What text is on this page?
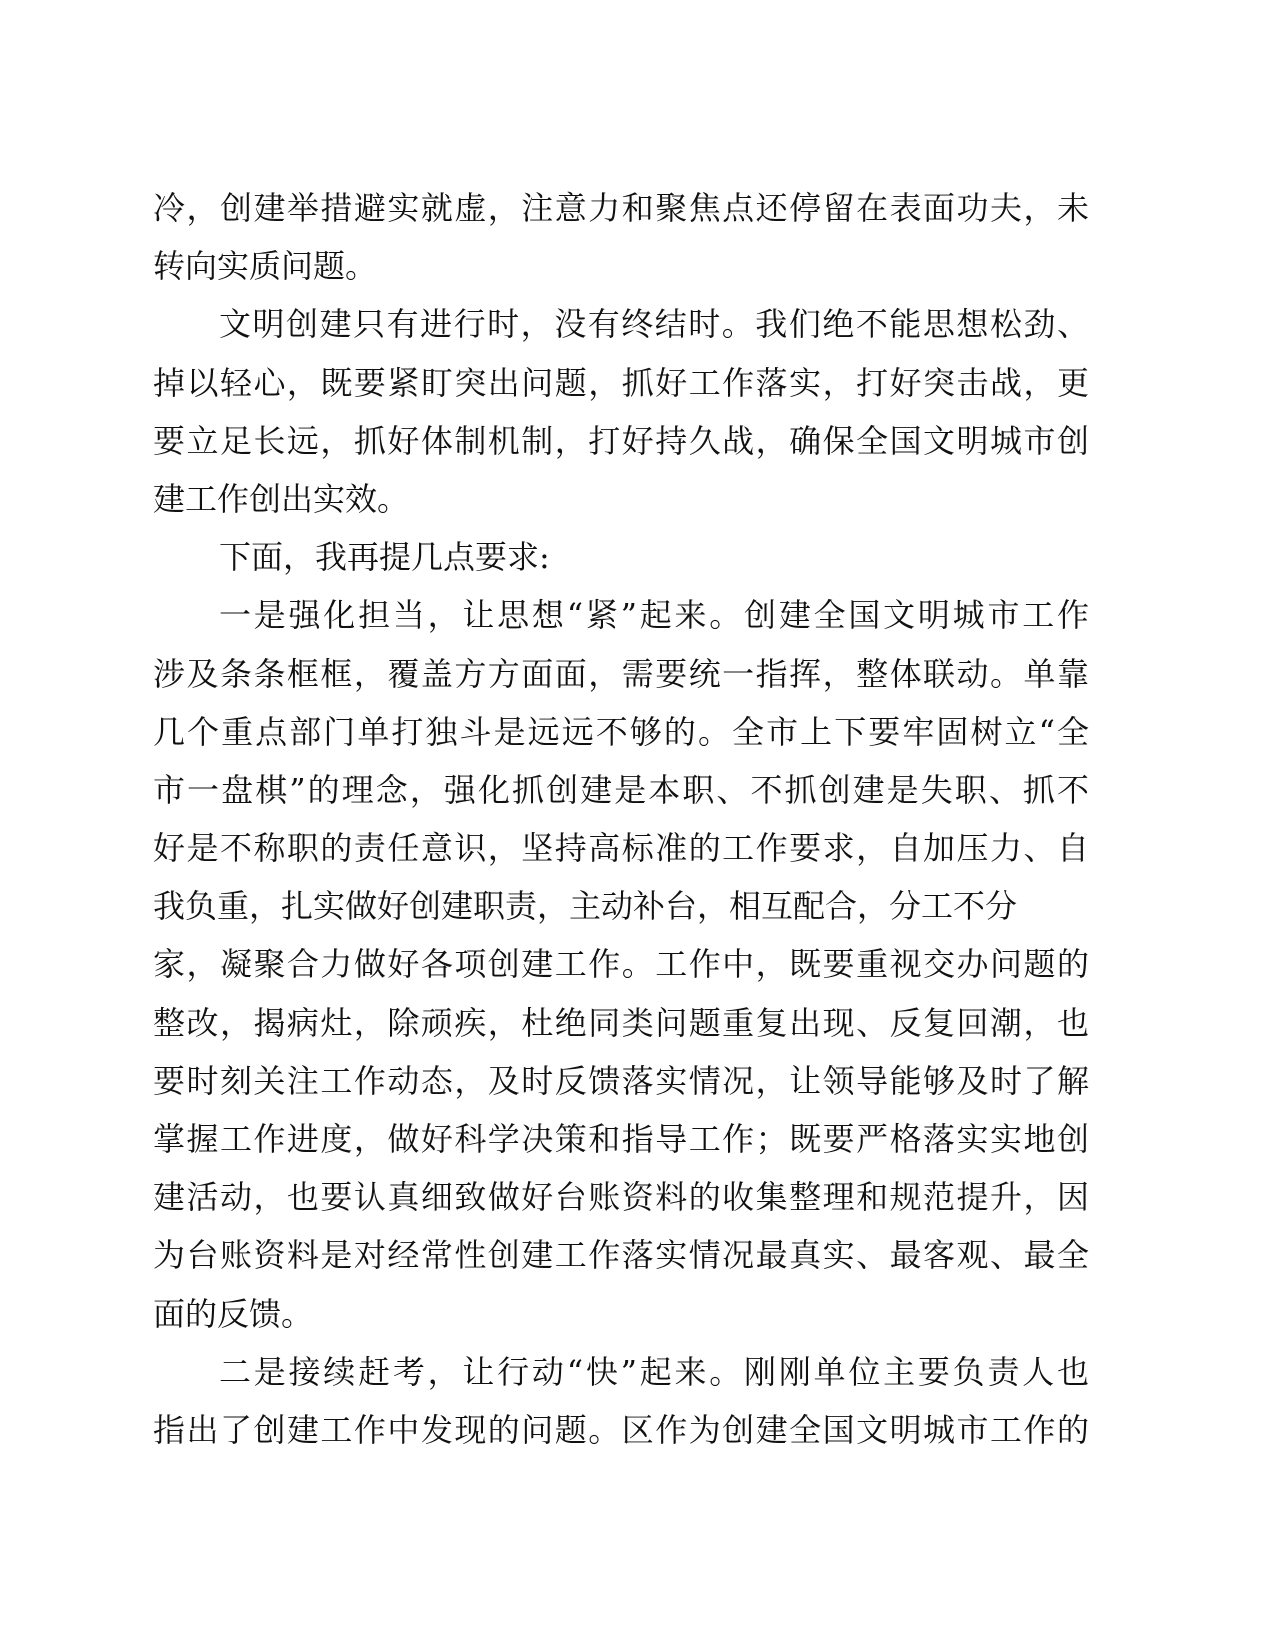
冷，创建举措避实就虚，注意力和聚焦点还停留在表面功夫，未
转向实质问题。
文明创建只有进行时，没有终结时。我们绝不能思想松劲、
掉以轻心，既要紧盯突出问题，抓好工作落实，打好突击战，更
要立足长远，抓好体制机制，打好持久战，确保全国文明城市创
建工作创出实效。
下面，我再提几点要求:
一是强化担当，让思想“紧”起来。创建全国文明城市工作
涉及条条框框，覆盖方方面面，需要统一指挥，整体联动。单靠
几个重点部门单打独斗是远远不够的。全市上下要牢固树立“全
市一盘棋”的理念，强化抓创建是本职、不抓创建是失职、抓不
好是不称职的责任意识，坚持高标准的工作要求，自加压力、自
我负重，扎实做好创建职责，主动补台，相互配合，分工不分
家，凝聚合力做好各项创建工作。工作中，既要重视交办问题的
整改，揭病灶，除顽疾，杜绝同类问题重复出现、反复回潮，也
要时刻关注工作动态，及时反馈落实情况，让领导能够及时了解
掌握工作进度，做好科学决策和指导工作；既要严格落实实地创
建活动，也要认真细致做好台账资料的收集整理和规范提升，因
为台账资料是对经常性创建工作落实情况最真实、最客观、最全
面的反馈。
二是接续赶考，让行动“快”起来。刚刚单位主要负责人也
指出了创建工作中发现的问题。区作为创建全国文明城市工作的
